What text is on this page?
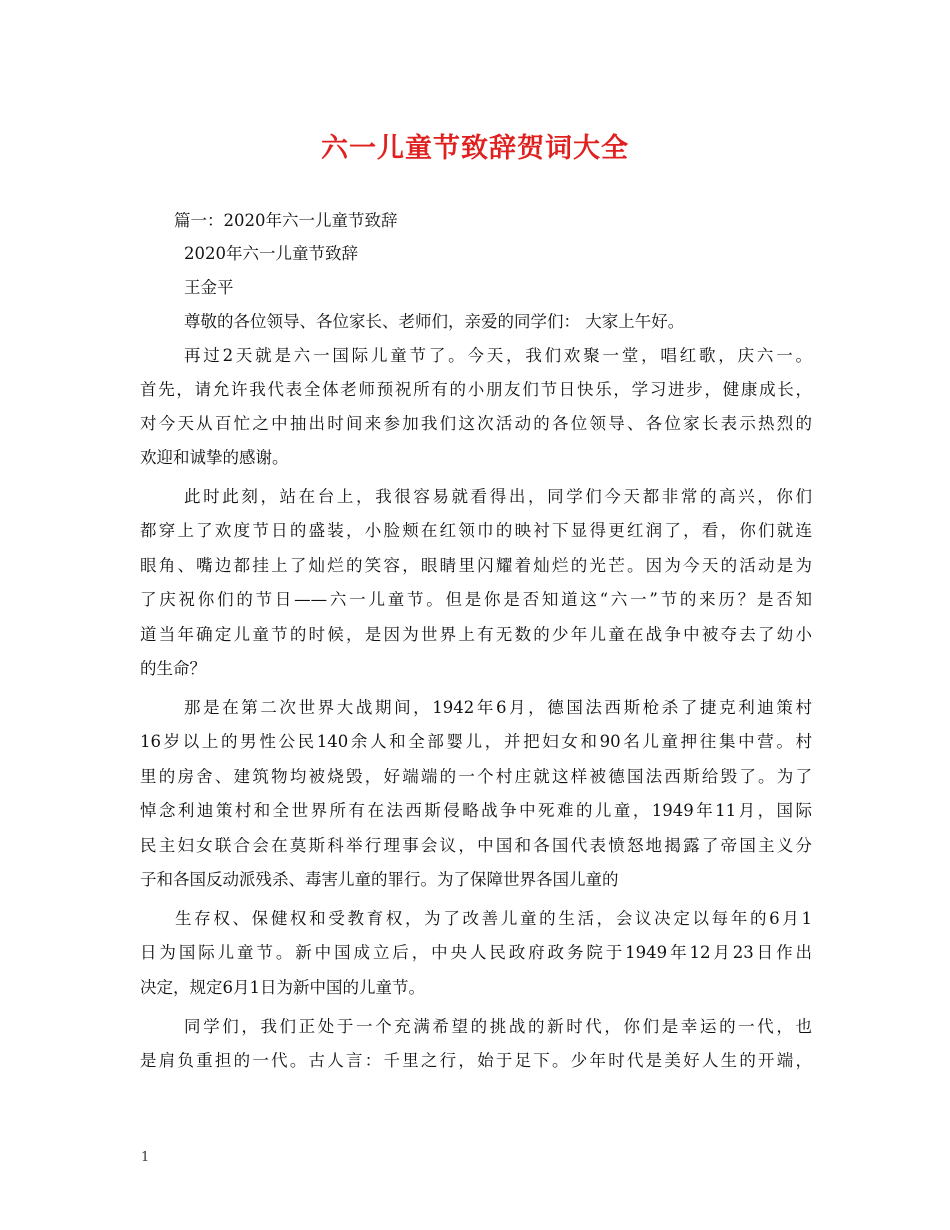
六一儿童节致辞贺词大全
篇一：2020年六一儿童节致辞
2020年六一儿童节致辞
王金平
尊敬的各位领导、各位家长、老师们，亲爱的同学们： 大家上午好。
再过2天就是六一国际儿童节了。今天，我们欢聚一堂，唱红歌，庆六一。
首先，请允许我代表全体老师预祝所有的小朋友们节日快乐，学习进步，健康成长，
对今天从百忙之中抽出时间来参加我们这次活动的各位领导、各位家长表示热烈的
欢迎和诚挚的感谢。
此时此刻，站在台上，我很容易就看得出，同学们今天都非常的高兴，你们
都穿上了欢度节日的盛装，小脸颊在红领巾的映衬下显得更红润了，看，你们就连
眼角、嘴边都挂上了灿烂的笑容，眼睛里闪耀着灿烂的光芒。因为今天的活动是为
了庆祝你们的节日——六一儿童节。但是你是否知道这“六一”节的来历？是否知
道当年确定儿童节的时候，是因为世界上有无数的少年儿童在战争中被夺去了幼小
的生命？
那是在第二次世界大战期间，1942年6月，德国法西斯枪杀了捷克利迪策村
16岁以上的男性公民140余人和全部婴儿，并把妇女和90名儿童押往集中营。村
里的房舍、建筑物均被烧毁，好端端的一个村庄就这样被德国法西斯给毁了。为了
悼念利迪策村和全世界所有在法西斯侵略战争中死难的儿童，1949年11月，国际
民主妇女联合会在莫斯科举行理事会议，中国和各国代表愤怒地揭露了帝国主义分
子和各国反动派残杀、毒害儿童的罪行。为了保障世界各国儿童的
生存权、保健权和受教育权，为了改善儿童的生活，会议决定以每年的6月1
日为国际儿童节。新中国成立后，中央人民政府政务院于1949年12月23日作出
决定，规定6月1日为新中国的儿童节。
同学们，我们正处于一个充满希望的挑战的新时代，你们是幸运的一代，也
是肩负重担的一代。古人言：千里之行，始于足下。少年时代是美好人生的开端，
1
